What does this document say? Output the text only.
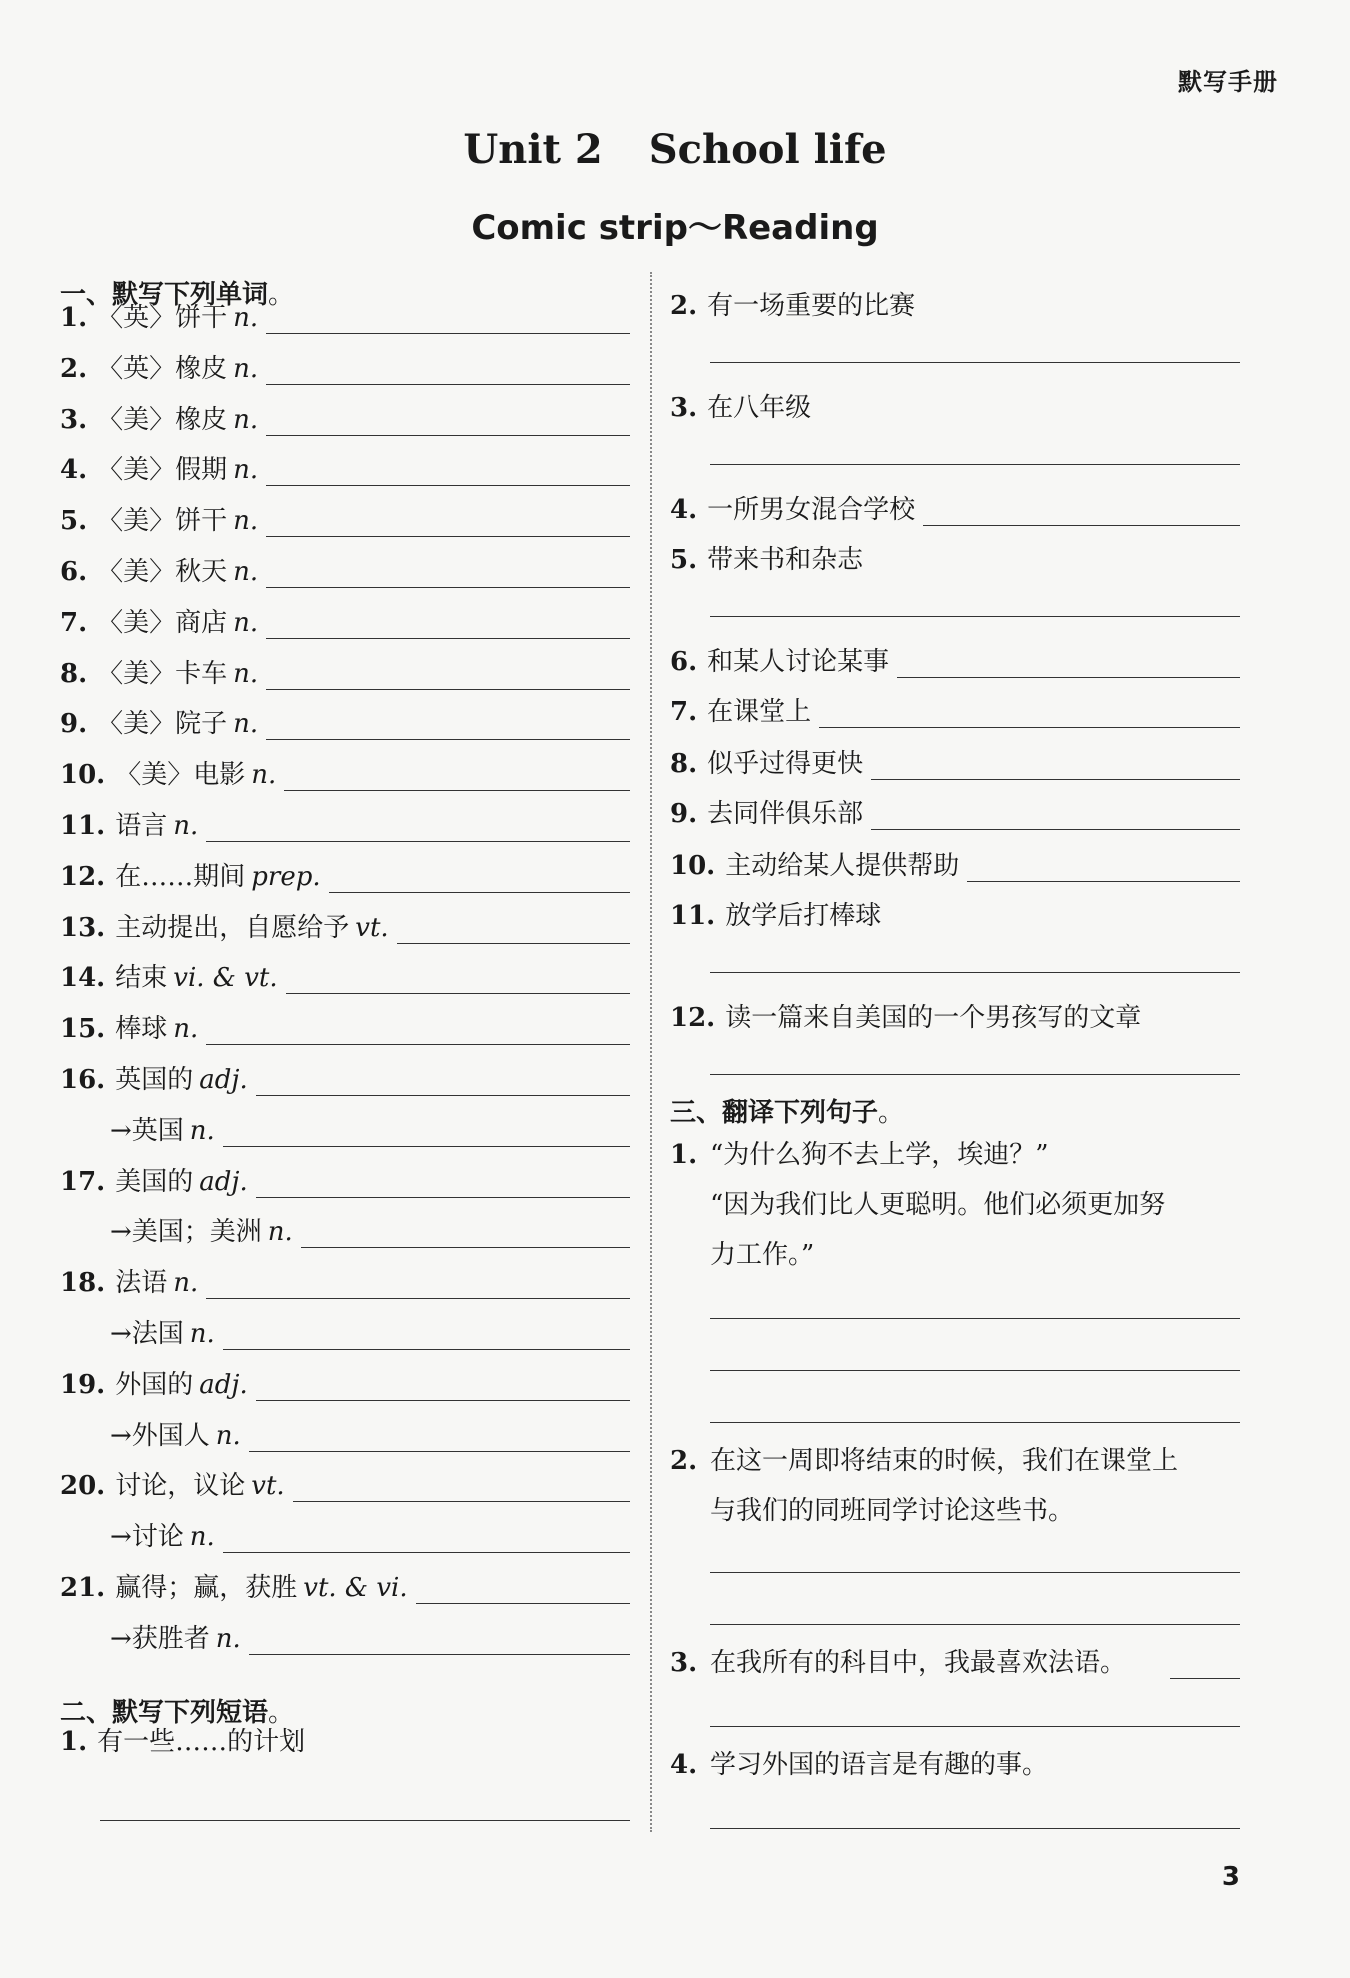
默写手册
Unit 2 School life
Comic strip～Reading
一、默写下列单词。
1. 〈英〉饼干 n.
2. 〈英〉橡皮 n.
3. 〈美〉橡皮 n.
4. 〈美〉假期 n.
5. 〈美〉饼干 n.
6. 〈美〉秋天 n.
7. 〈美〉商店 n.
8. 〈美〉卡车 n.
9. 〈美〉院子 n.
10. 〈美〉电影 n.
11. 语言 n.
12. 在……期间 prep.
13. 主动提出，自愿给予 vt.
14. 结束 vi. & vt.
15. 棒球 n.
16. 英国的 adj.
→英国 n.
17. 美国的 adj.
→美国；美洲 n.
18. 法语 n.
→法国 n.
19. 外国的 adj.
→外国人 n.
20. 讨论，议论 vt.
→讨论 n.
21. 赢得；赢，获胜 vt. & vi.
→获胜者 n.
二、默写下列短语。
1. 有一些……的计划
2. 有一场重要的比赛
3. 在八年级
4. 一所男女混合学校
5. 带来书和杂志
6. 和某人讨论某事
7. 在课堂上
8. 似乎过得更快
9. 去同伴俱乐部
10. 主动给某人提供帮助
11. 放学后打棒球
12. 读一篇来自美国的一个男孩写的文章
三、翻译下列句子。
1. “为什么狗不去上学，埃迪？”
“因为我们比人更聪明。他们必须更加努
力工作。”
2. 在这一周即将结束的时候，我们在课堂上
与我们的同班同学讨论这些书。
3. 在我所有的科目中，我最喜欢法语。
4. 学习外国的语言是有趣的事。
3
